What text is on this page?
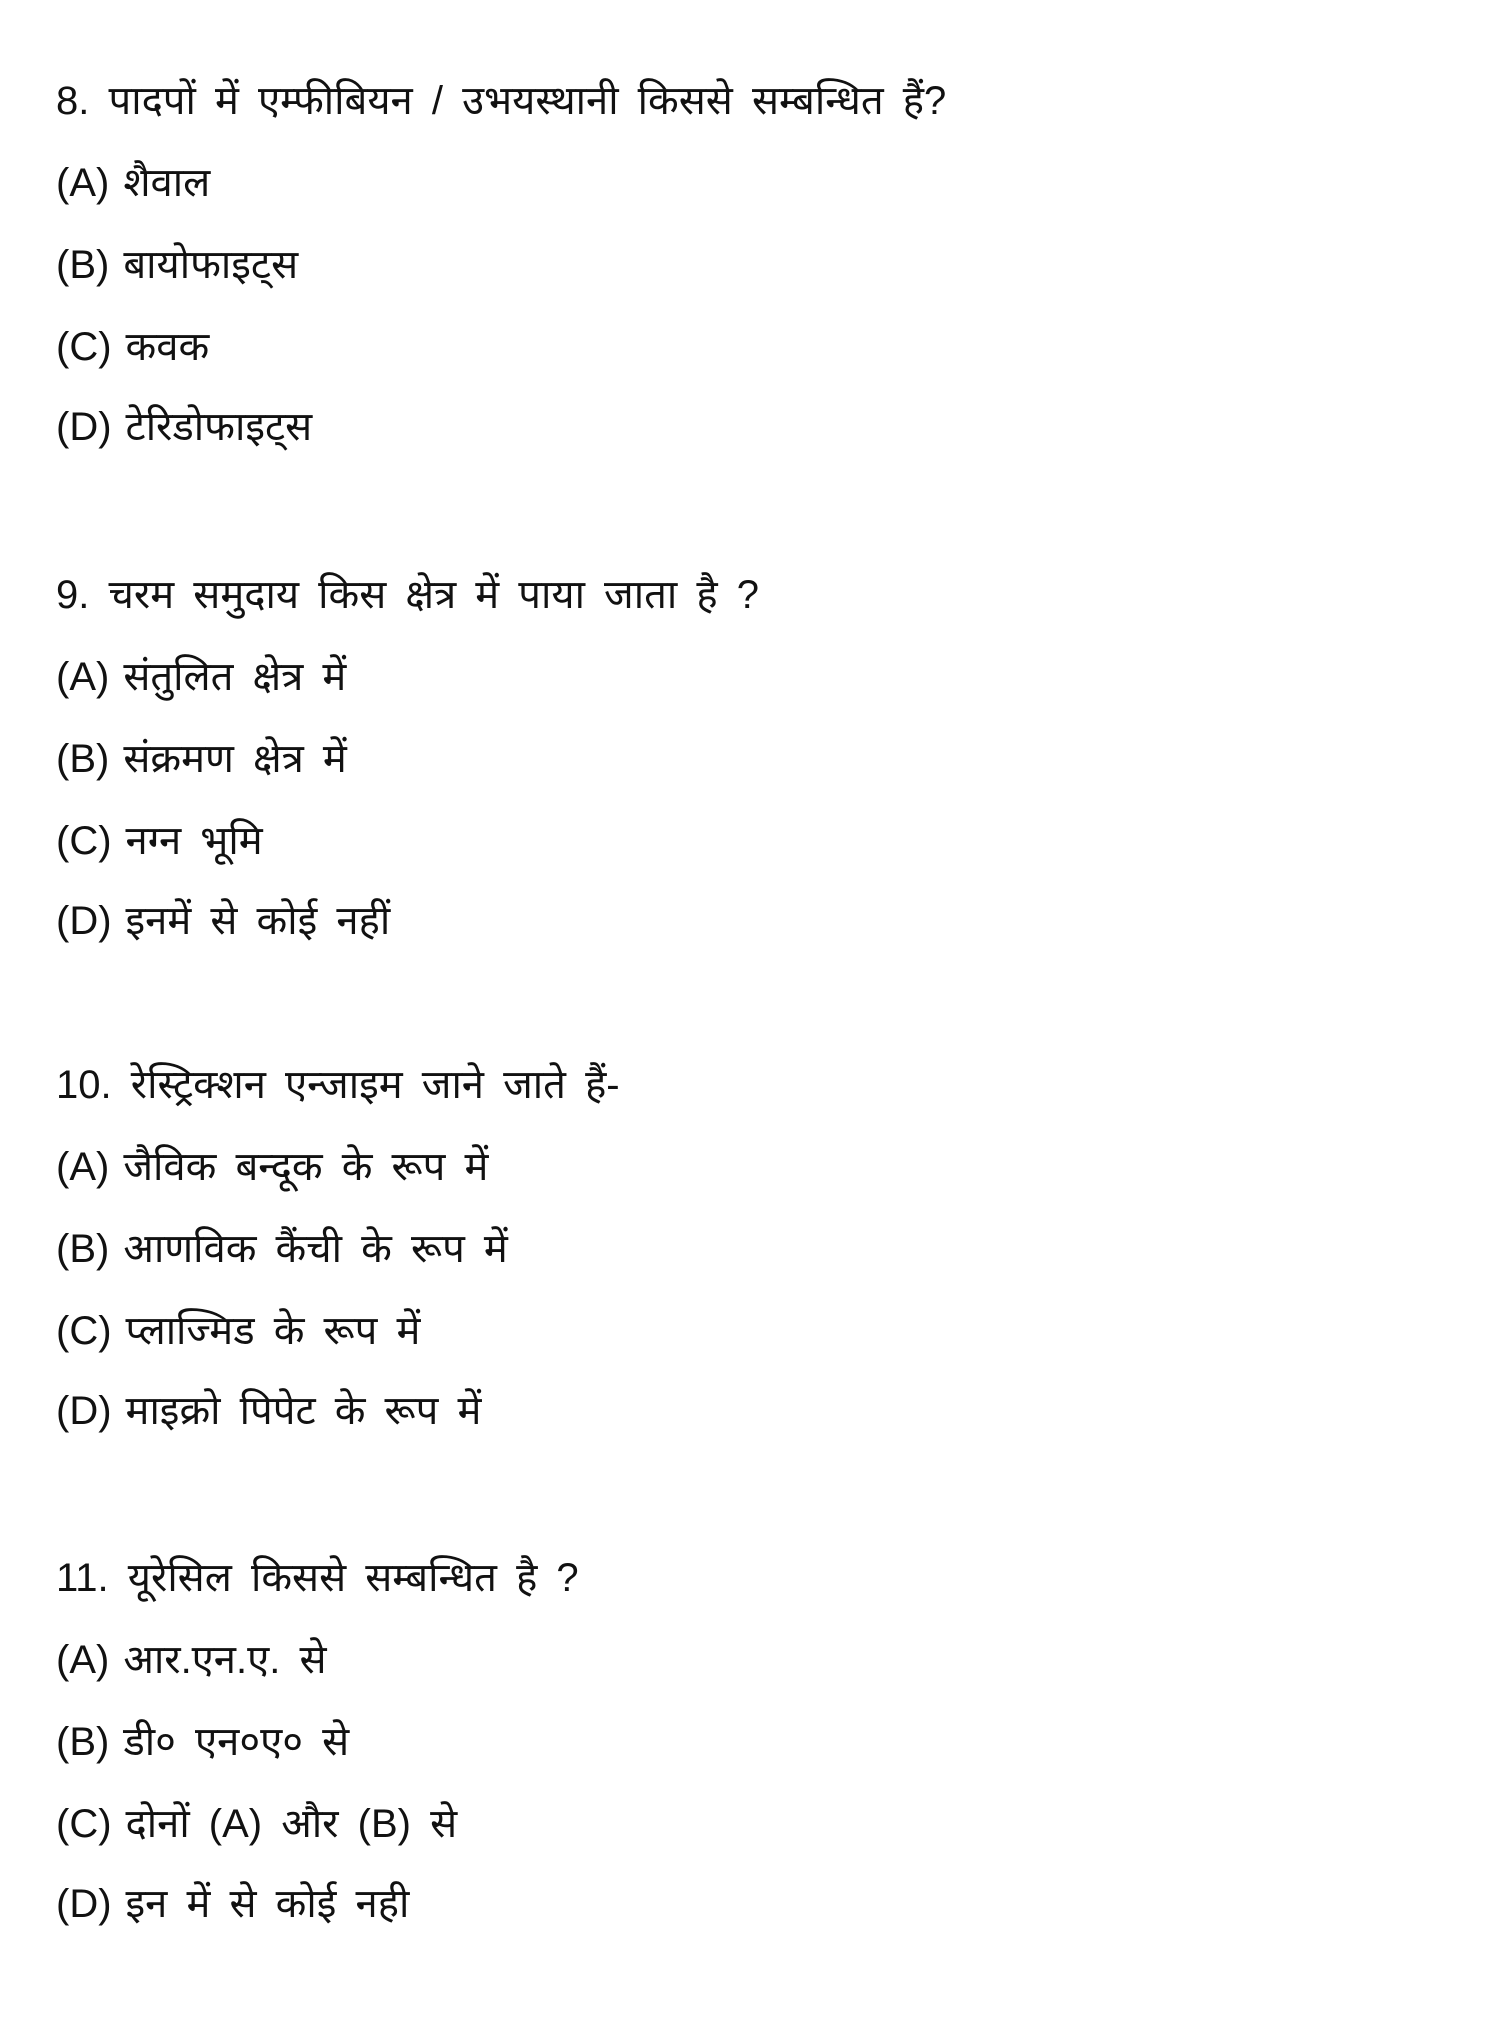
8. पादपों में एम्फीबियन / उभयस्थानी किससे सम्बन्धित हैं?
(A) शैवाल
(B) बायोफाइट्स
(C) कवक
(D) टेरिडोफाइट्स
9. चरम समुदाय किस क्षेत्र में पाया जाता है ?
(A) संतुलित क्षेत्र में
(B) संक्रमण क्षेत्र में
(C) नग्न भूमि
(D) इनमें से कोई नहीं
10. रेस्ट्रिक्शन एन्जाइम जाने जाते हैं-
(A) जैविक बन्दूक के रूप में
(B) आणविक कैंची के रूप में
(C) प्लाज्मिड के रूप में
(D) माइक्रो पिपेट के रूप में
11. यूरेसिल किससे सम्बन्धित है ?
(A) आर.एन.ए. से
(B) डी० एन०ए० से
(C) दोनों (A) और (B) से
(D) इन में से कोई नही
